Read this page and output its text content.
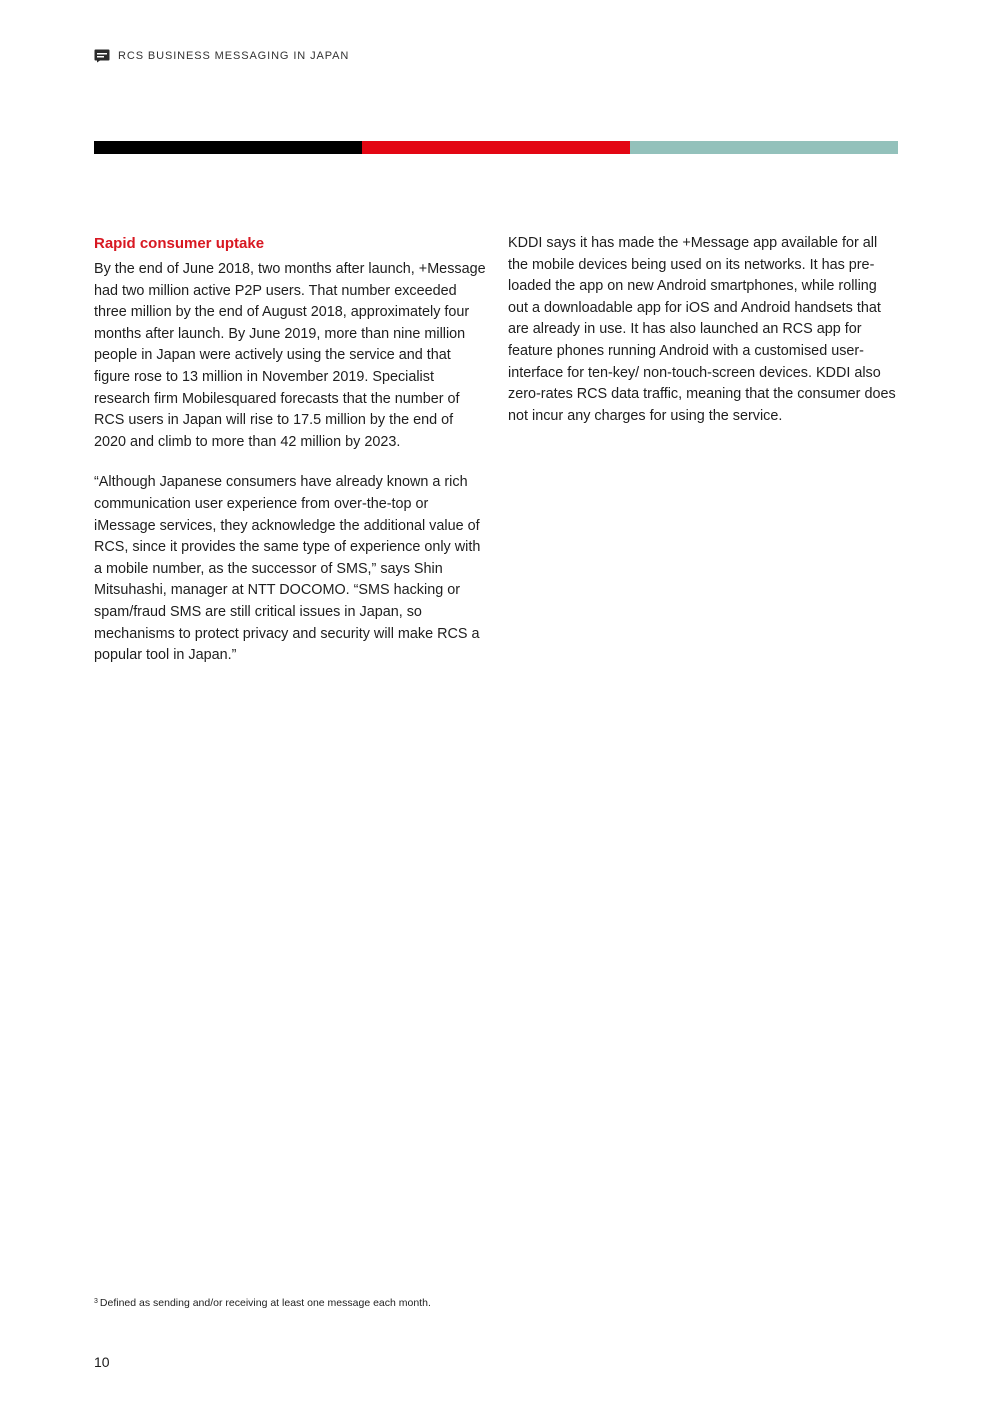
RCS BUSINESS MESSAGING IN JAPAN
Rapid consumer uptake

By the end of June 2018, two months after launch, +Message had two million active P2P users. That number exceeded three million by the end of August 2018, approximately four months after launch. By June 2019, more than nine million people in Japan were actively using the service and that figure rose to 13 million in November 2019. Specialist research firm Mobilesquared forecasts that the number of RCS users in Japan will rise to 17.5 million by the end of 2020 and climb to more than 42 million by 2023.

“Although Japanese consumers have already known a rich communication user experience from over-the-top or iMessage services, they acknowledge the additional value of RCS, since it provides the same type of experience only with a mobile number, as the successor of SMS,” says Shin Mitsuhashi, manager at NTT DOCOMO. “SMS hacking or spam/fraud SMS are still critical issues in Japan, so mechanisms to protect privacy and security will make RCS a popular tool in Japan.”

KDDI says it has made the +Message app available for all the mobile devices being used on its networks. It has pre-loaded the app on new Android smartphones, while rolling out a downloadable app for iOS and Android handsets that are already in use. It has also launched an RCS app for feature phones running Android with a customised user-interface for ten-key/ non-touch-screen devices. KDDI also zero-rates RCS data traffic, meaning that the consumer does not incur any charges for using the service.

$^3$ Defined as sending and/or receiving at least one message each month.
10
